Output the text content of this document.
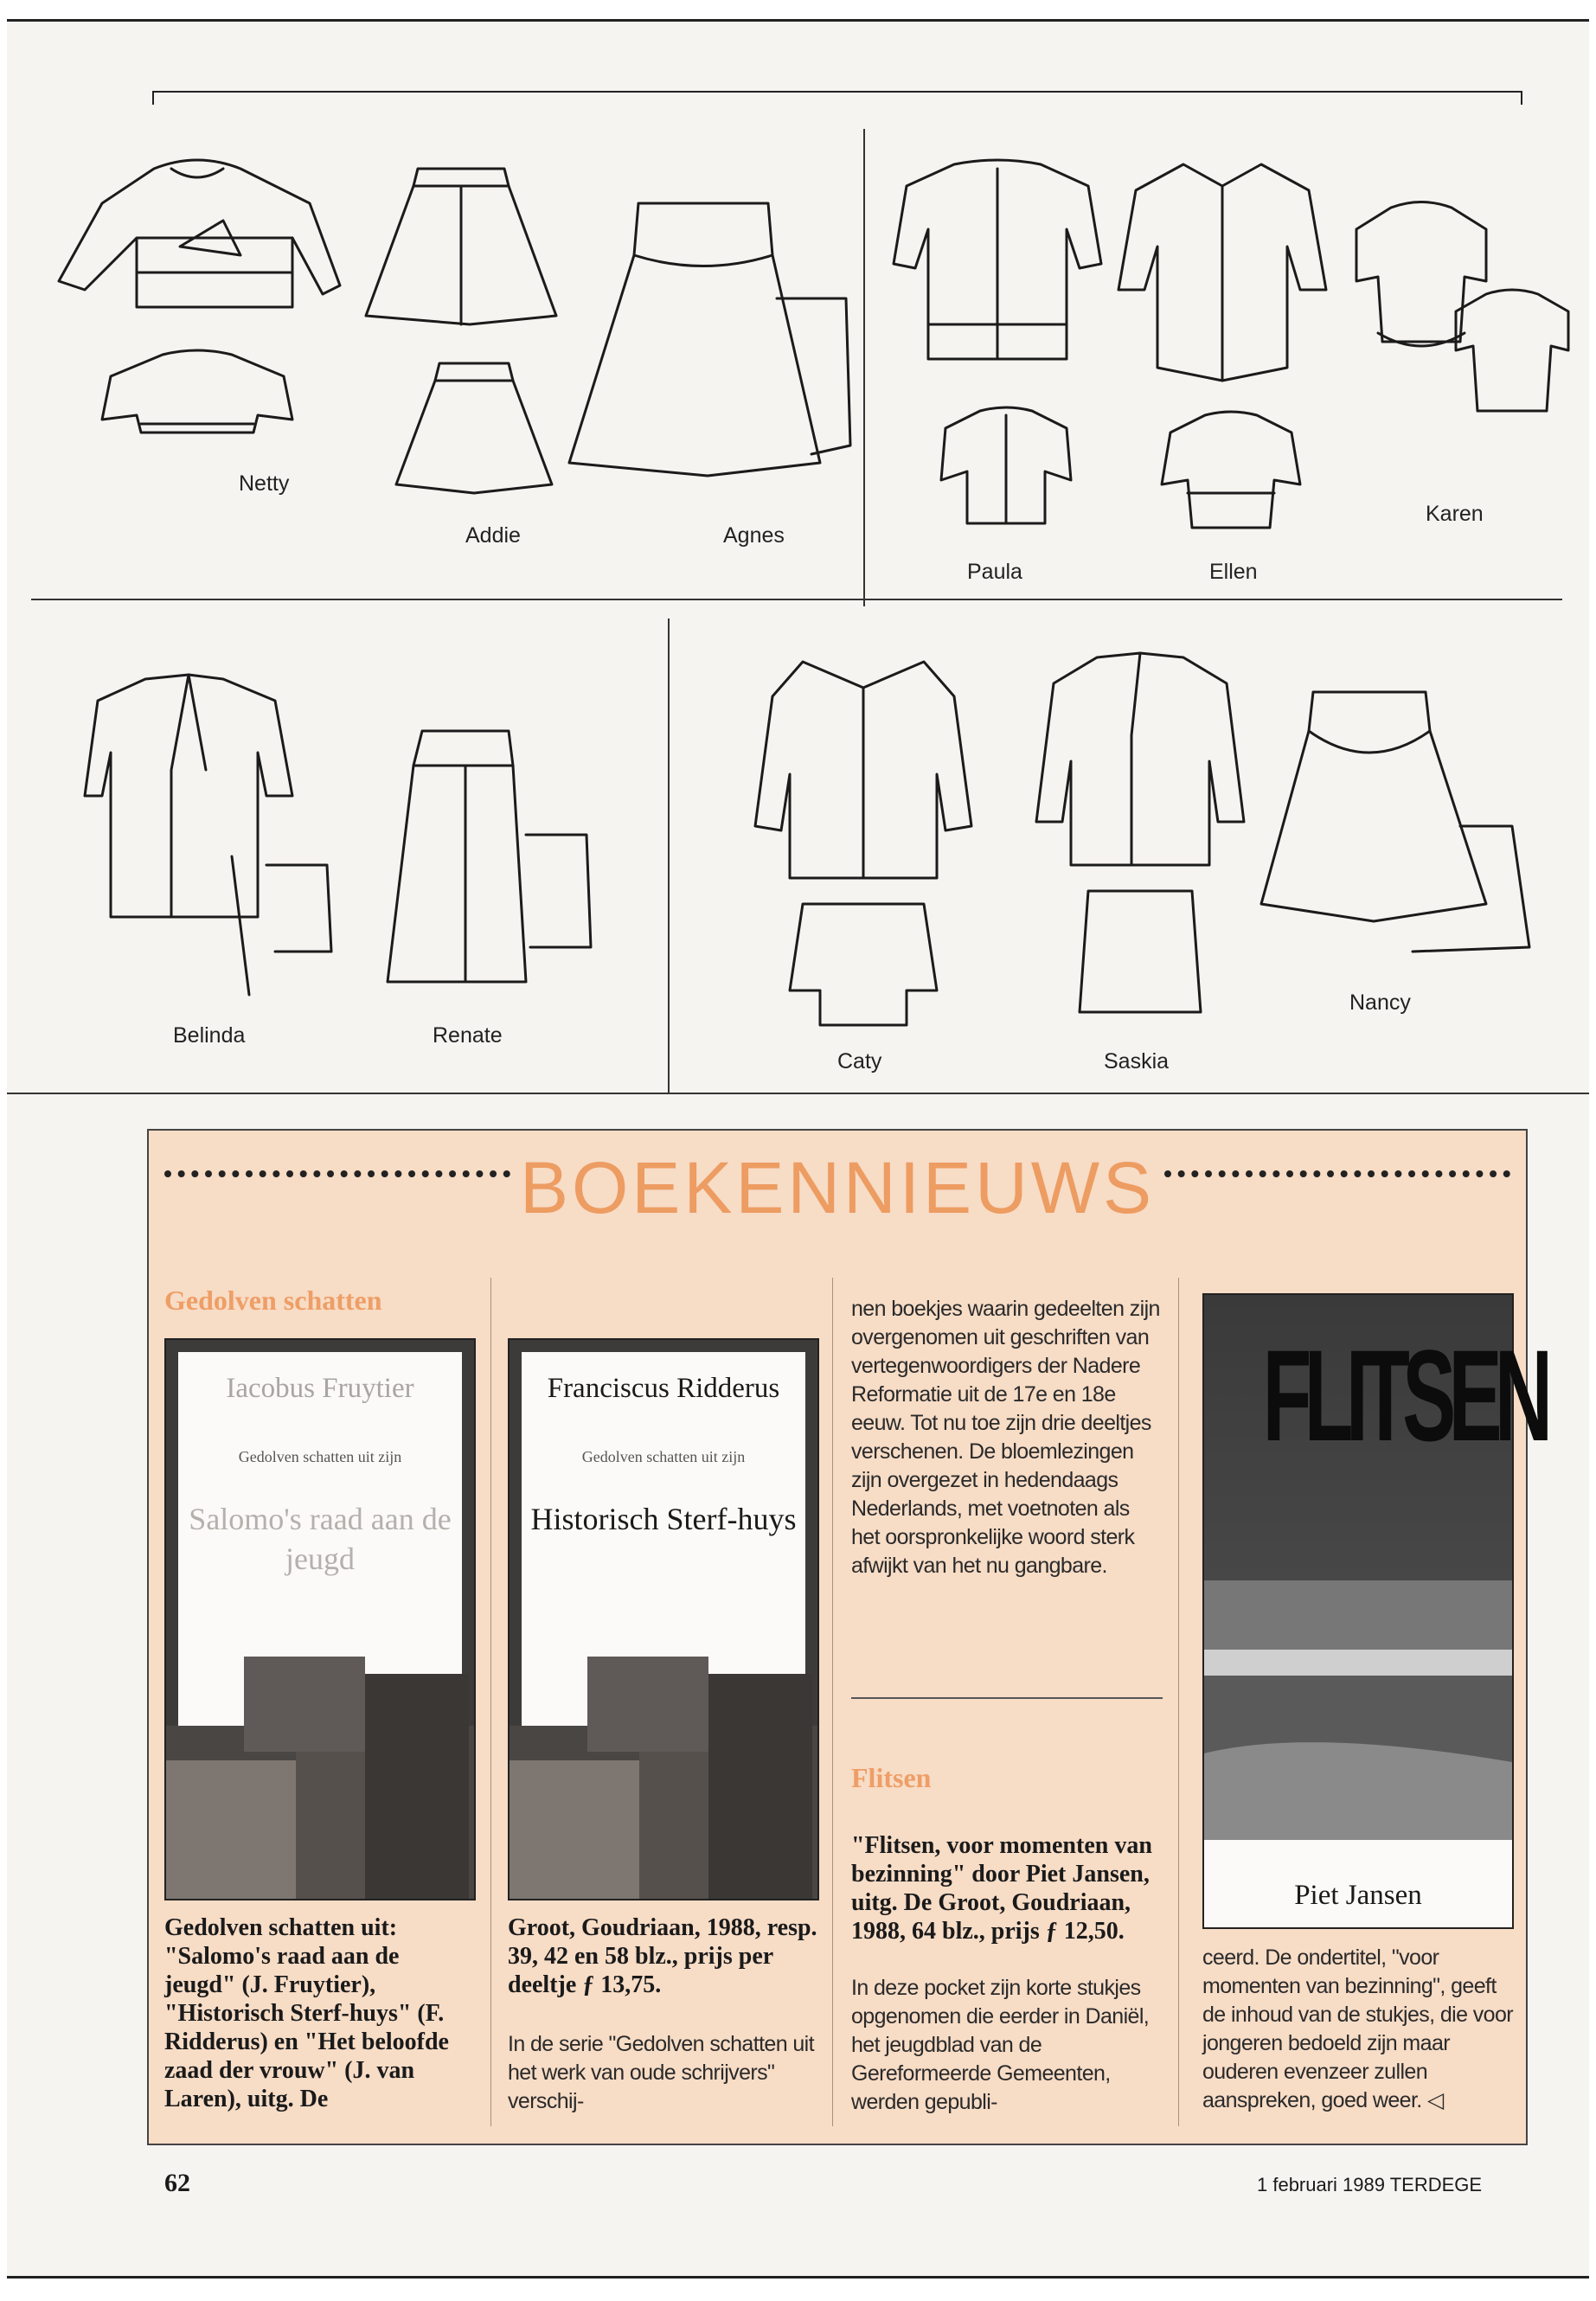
Netty
Addie	Agnes
Paula	Ellen
Karen
Belinda	Renate
Caty	Saskia
Nancy
BOEKENNIEUWS
Gedolven schatten
Iacobus Fruytier
Gedolven schatten uit zijn
Salomo's raad aan de jeugd
Franciscus Ridderus
Gedolven schatten uit zijn
Historisch Sterf-huys
Gedolven schatten uit: "Salomo's raad aan de jeugd" (J. Fruytier), "Historisch Sterf-huys" (F. Ridderus) en "Het beloofde zaad der vrouw" (J. van Laren), uitg. De
Groot, Goudriaan, 1988, resp. 39, 42 en 58 blz., prijs per deeltje ƒ 13,75.
In de serie "Gedolven schatten uit het werk van oude schrijvers" verschij-
nen boekjes waarin gedeelten zijn overgenomen uit geschriften van vertegenwoordigers der Nadere Reformatie uit de 17e en 18e eeuw. Tot nu toe zijn drie deeltjes verschenen. De bloemlezingen zijn overgezet in hedendaags Nederlands, met voetnoten als het oorspronkelijke woord sterk afwijkt van het nu gangbare.
Flitsen
"Flitsen, voor momenten van bezinning" door Piet Jansen, uitg. De Groot, Goudriaan, 1988, 64 blz., prijs ƒ 12,50.
In deze pocket zijn korte stukjes opgenomen die eerder in Daniël, het jeugdblad van de Gereformeerde Gemeenten, werden gepubli-
FLITSEN
Piet Jansen
ceerd. De ondertitel, "voor momenten van bezinning", geeft de inhoud van de stukjes, die voor jongeren bedoeld zijn maar ouderen evenzeer zullen aanspreken, goed weer. ◁
62	1 februari 1989 TERDEGE
